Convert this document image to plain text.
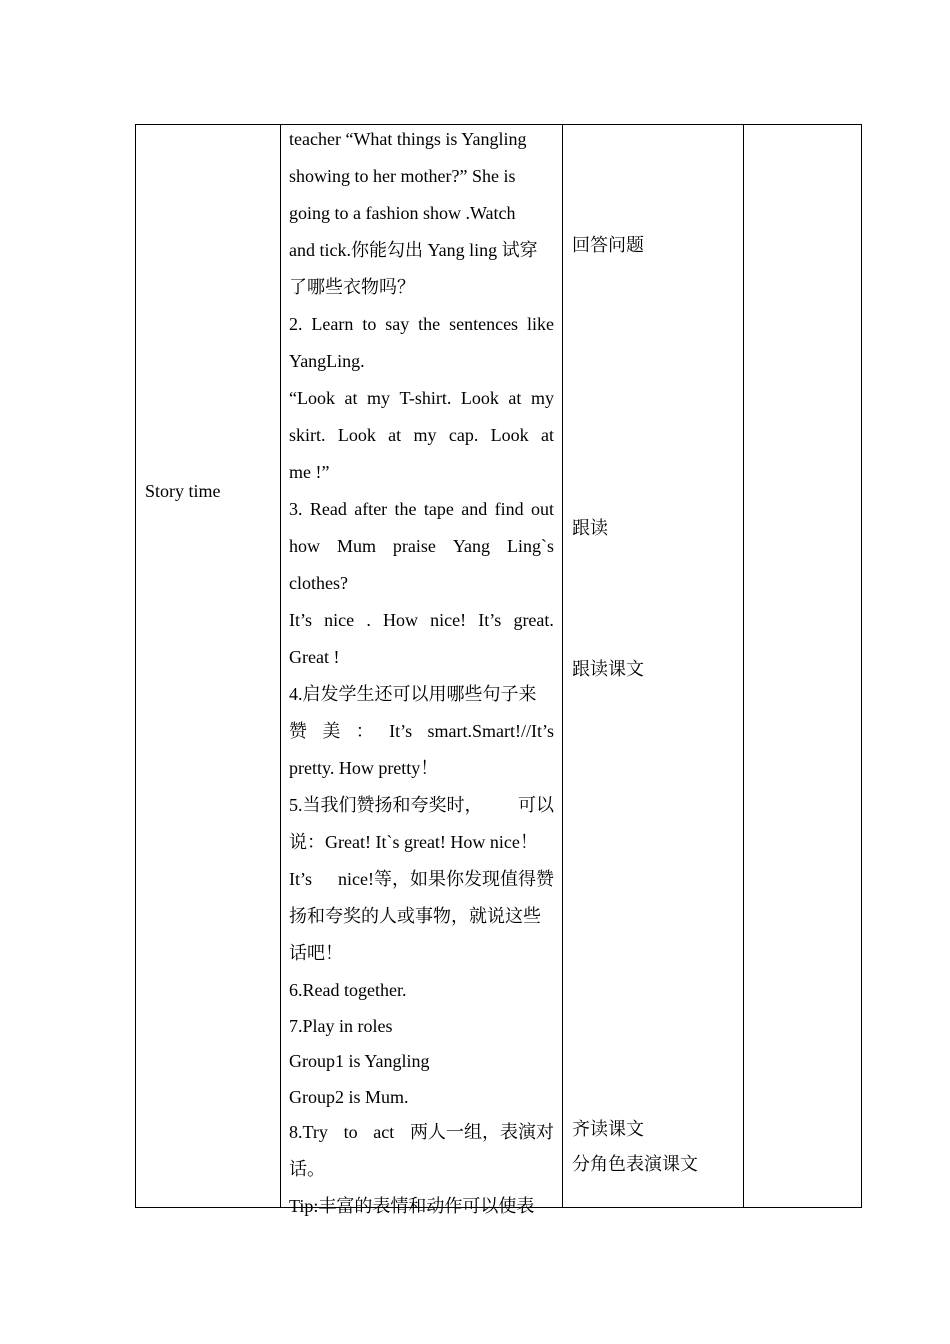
Story time
teacher “What things is Yangling
showing to her mother?” She is
going to a fashion show .Watch
and tick.你能勾出 Yang ling 试穿
了哪些衣物吗？
2. Learn to say the sentences like
YangLing.
“Look at my T-shirt. Look at my
skirt. Look at my cap. Look at
me !”
3. Read after the tape and find out
how Mum praise Yang Ling`s
clothes?
It’s nice . How nice! It’s great.
Great !
4.启发学生还可以用哪些句子来
赞 美 ： It’s smart.Smart!//It’s
pretty. How pretty！
5.当我们赞扬和夸奖时， 可以
说：Great! It`s great! How nice！
It’s nice!等，如果你发现值得赞
扬和夸奖的人或事物，就说这些
话吧！
6.Read together.
7.Play in roles
Group1 is Yangling
Group2 is Mum.
8.Try to act 两人一组，表演对
话。
Tip:丰富的表情和动作可以使表
回答问题
跟读
跟读课文
齐读课文
分角色表演课文
